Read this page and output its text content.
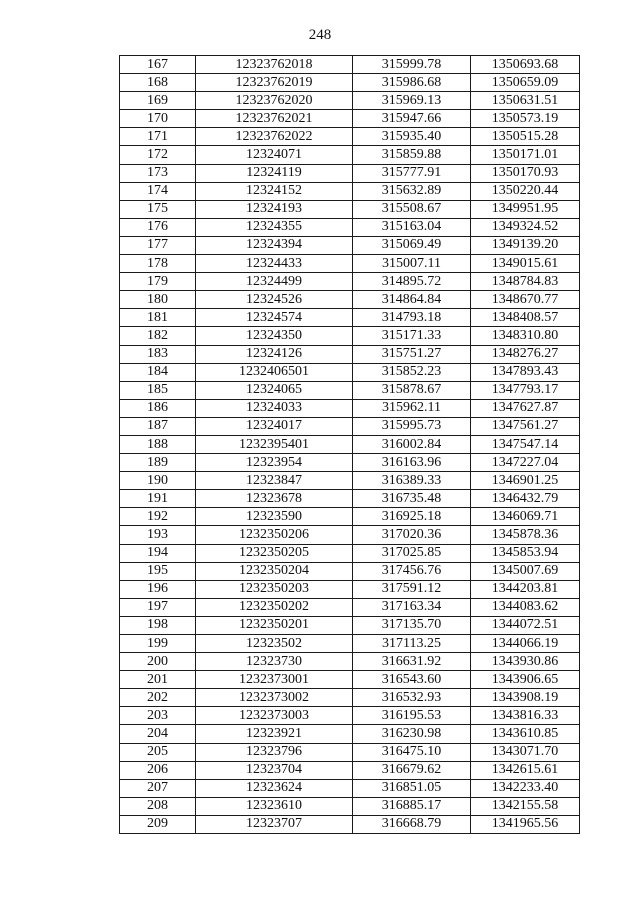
248
167	12323762018	315999.78	1350693.68
168	12323762019	315986.68	1350659.09
169	12323762020	315969.13	1350631.51
170	12323762021	315947.66	1350573.19
171	12323762022	315935.40	1350515.28
172	12324071	315859.88	1350171.01
173	12324119	315777.91	1350170.93
174	12324152	315632.89	1350220.44
175	12324193	315508.67	1349951.95
176	12324355	315163.04	1349324.52
177	12324394	315069.49	1349139.20
178	12324433	315007.11	1349015.61
179	12324499	314895.72	1348784.83
180	12324526	314864.84	1348670.77
181	12324574	314793.18	1348408.57
182	12324350	315171.33	1348310.80
183	12324126	315751.27	1348276.27
184	1232406501	315852.23	1347893.43
185	12324065	315878.67	1347793.17
186	12324033	315962.11	1347627.87
187	12324017	315995.73	1347561.27
188	1232395401	316002.84	1347547.14
189	12323954	316163.96	1347227.04
190	12323847	316389.33	1346901.25
191	12323678	316735.48	1346432.79
192	12323590	316925.18	1346069.71
193	1232350206	317020.36	1345878.36
194	1232350205	317025.85	1345853.94
195	1232350204	317456.76	1345007.69
196	1232350203	317591.12	1344203.81
197	1232350202	317163.34	1344083.62
198	1232350201	317135.70	1344072.51
199	12323502	317113.25	1344066.19
200	12323730	316631.92	1343930.86
201	1232373001	316543.60	1343906.65
202	1232373002	316532.93	1343908.19
203	1232373003	316195.53	1343816.33
204	12323921	316230.98	1343610.85
205	12323796	316475.10	1343071.70
206	12323704	316679.62	1342615.61
207	12323624	316851.05	1342233.40
208	12323610	316885.17	1342155.58
209	12323707	316668.79	1341965.56
